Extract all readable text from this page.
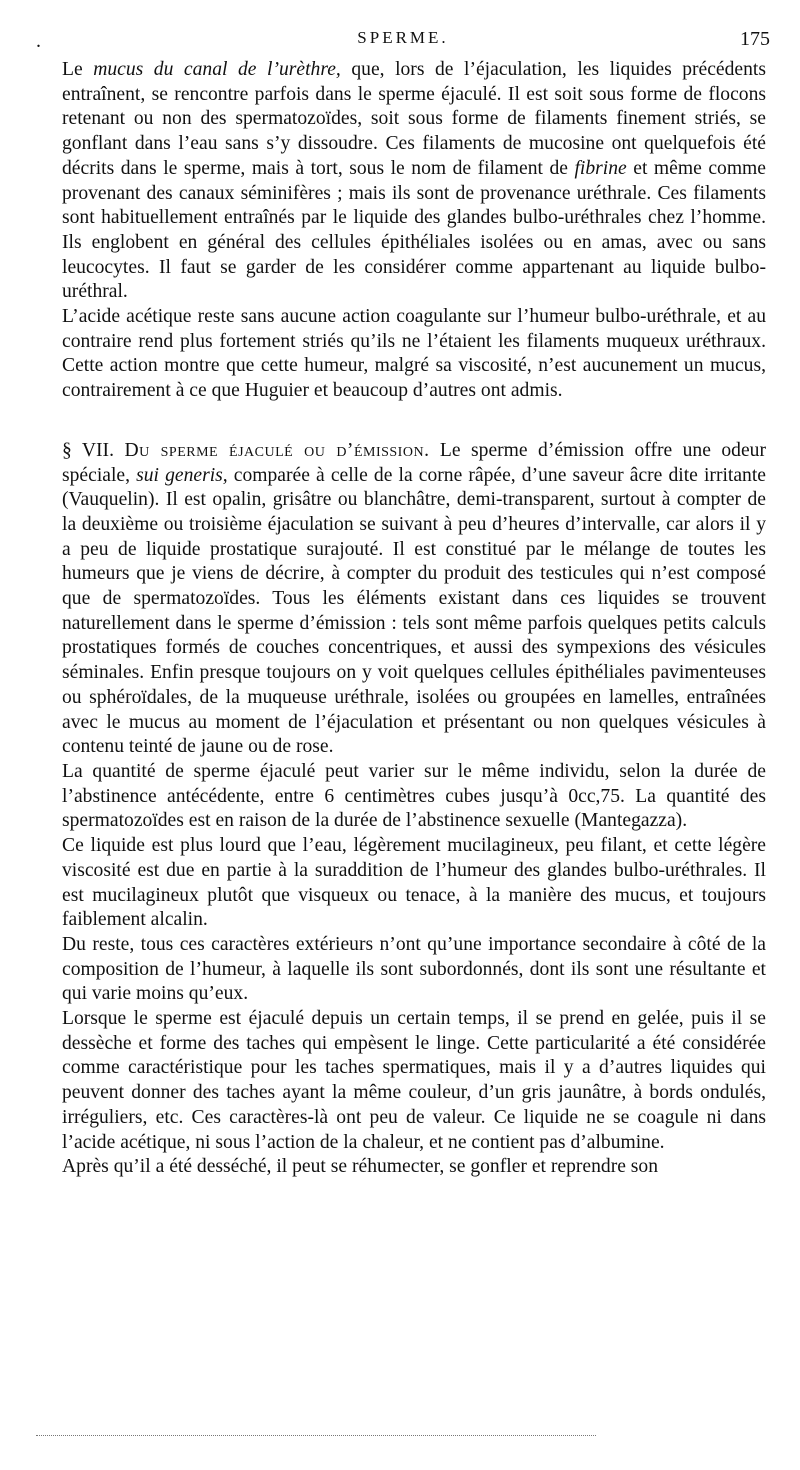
.	SPERME.	175

Le mucus du canal de l’urèthre, que, lors de l’éjaculation, les liquides précédents entraînent, se rencontre parfois dans le sperme éjaculé. Il est soit sous forme de flocons retenant ou non des spermatozoïdes, soit sous forme de filaments finement striés, se gonflant dans l’eau sans s’y dissoudre. Ces filaments de mucosine ont quelquefois été décrits dans le sperme, mais à tort, sous le nom de filament de fibrine et même comme provenant des canaux séminifères ; mais ils sont de provenance uréthrale. Ces filaments sont habituellement entraînés par le liquide des glandes bulbo-uréthrales chez l’homme. Ils englobent en général des cellules épithéliales isolées ou en amas, avec ou sans leucocytes. Il faut se garder de les considérer comme appartenant au liquide bulbo-uréthral.

L’acide acétique reste sans aucune action coagulante sur l’humeur bulbo-uréthrale, et au contraire rend plus fortement striés qu’ils ne l’étaient les filaments muqueux uréthraux. Cette action montre que cette humeur, malgré sa viscosité, n’est aucunement un mucus, contrairement à ce que Huguier et beaucoup d’autres ont admis.

§ VII. Du sperme éjaculé ou d’émission. Le sperme d’émission offre une odeur spéciale, sui generis, comparée à celle de la corne râpée, d’une saveur âcre dite irritante (Vauquelin). Il est opalin, grisâtre ou blanchâtre, demi-transparent, surtout à compter de la deuxième ou troisième éjaculation se suivant à peu d’heures d’intervalle, car alors il y a peu de liquide prostatique surajouté. Il est constitué par le mélange de toutes les humeurs que je viens de décrire, à compter du produit des testicules qui n’est composé que de spermatozoïdes. Tous les éléments existant dans ces liquides se trouvent naturellement dans le sperme d’émission : tels sont même parfois quelques petits calculs prostatiques formés de couches concentriques, et aussi des sympexions des vésicules séminales. Enfin presque toujours on y voit quelques cellules épithéliales pavimenteuses ou sphéroïdales, de la muqueuse uréthrale, isolées ou groupées en lamelles, entraînées avec le mucus au moment de l’éjaculation et présentant ou non quelques vésicules à contenu teinté de jaune ou de rose.

La quantité de sperme éjaculé peut varier sur le même individu, selon la durée de l’abstinence antécédente, entre 6 centimètres cubes jusqu’à 0cc,75. La quantité des spermatozoïdes est en raison de la durée de l’abstinence sexuelle (Mantegazza).

Ce liquide est plus lourd que l’eau, légèrement mucilagineux, peu filant, et cette légère viscosité est due en partie à la suraddition de l’humeur des glandes bulbo-uréthrales. Il est mucilagineux plutôt que visqueux ou tenace, à la manière des mucus, et toujours faiblement alcalin.

Du reste, tous ces caractères extérieurs n’ont qu’une importance secondaire à côté de la composition de l’humeur, à laquelle ils sont subordonnés, dont ils sont une résultante et qui varie moins qu’eux.

Lorsque le sperme est éjaculé depuis un certain temps, il se prend en gelée, puis il se dessèche et forme des taches qui empèsent le linge. Cette particularité a été considérée comme caractéristique pour les taches spermatiques, mais il y a d’autres liquides qui peuvent donner des taches ayant la même couleur, d’un gris jaunâtre, à bords ondulés, irréguliers, etc. Ces caractères-là ont peu de valeur. Ce liquide ne se coagule ni dans l’acide acétique, ni sous l’action de la chaleur, et ne contient pas d’albumine.

Après qu’il a été desséché, il peut se réhumecter, se gonfler et reprendre son
